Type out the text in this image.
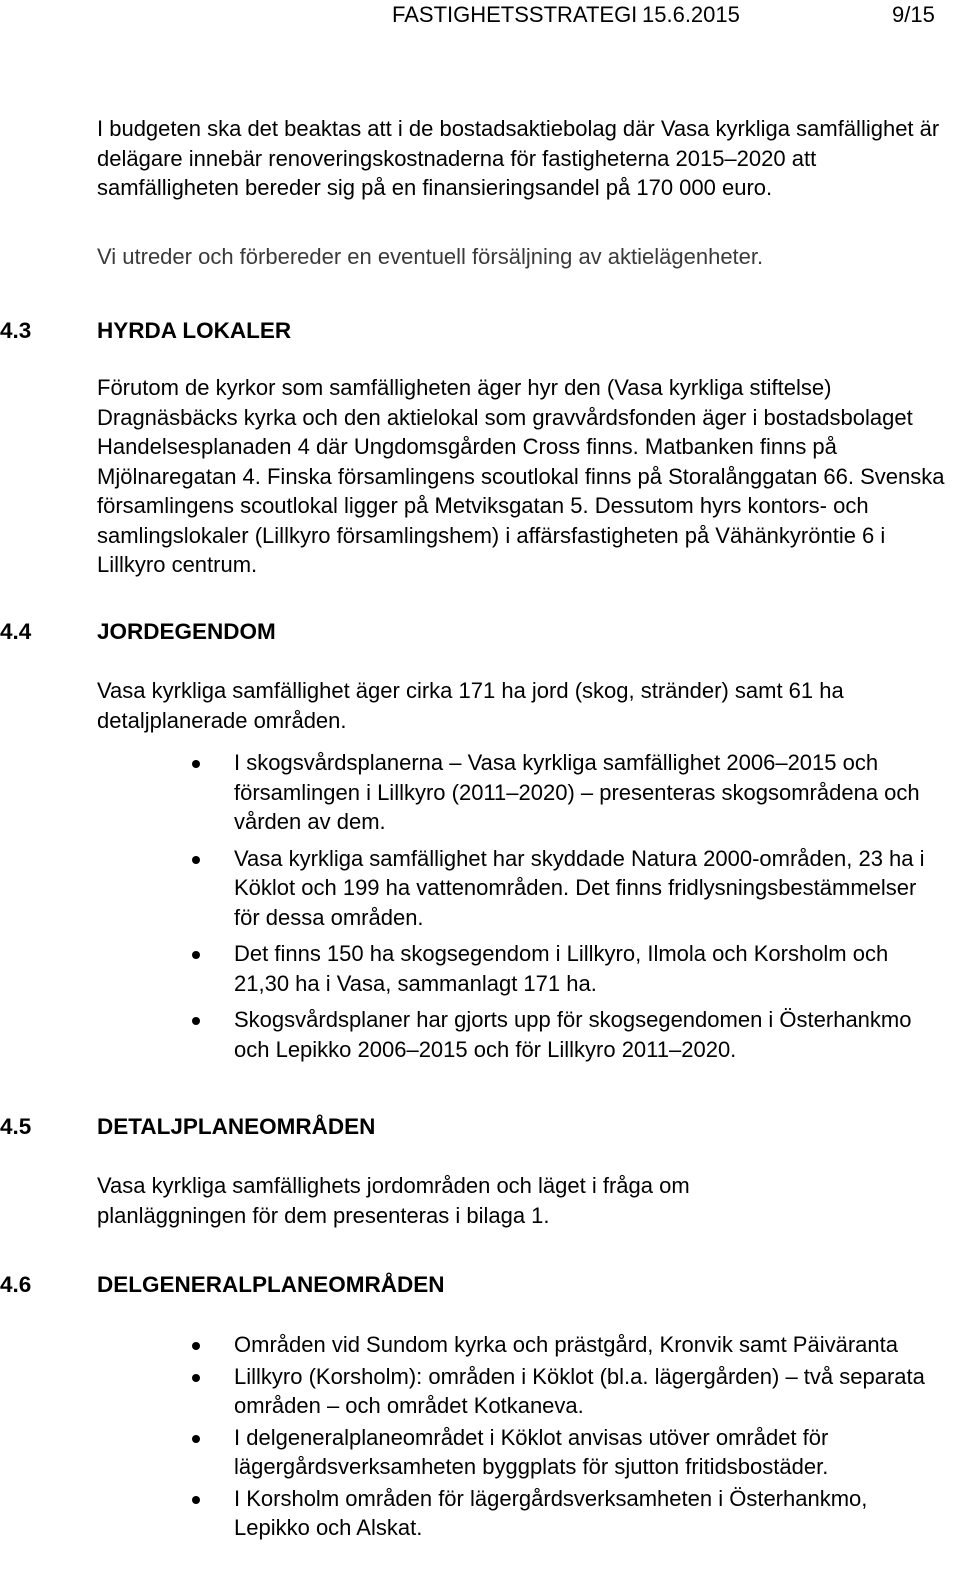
FASTIGHETSSTRATEGI 15.6.2015	9/15

I budgeten ska det beaktas att i de bostadsaktiebolag där Vasa kyrkliga samfällighet är delägare innebär renoveringskostnaderna för fastigheterna 2015–2020 att samfälligheten bereder sig på en finansieringsandel på 170 000 euro.

Vi utreder och förbereder en eventuell försäljning av aktielägenheter.

4.3	HYRDA LOKALER

Förutom de kyrkor som samfälligheten äger hyr den (Vasa kyrkliga stiftelse) Dragnäsbäcks kyrka och den aktielokal som gravvårdsfonden äger i bostadsbolaget Handelsesplanaden 4 där Ungdomsgården Cross finns. Matbanken finns på Mjölnaregatan 4. Finska församlingens scoutlokal finns på Storalånggatan 66. Svenska församlingens scoutlokal ligger på Metviksgatan 5. Dessutom hyrs kontors- och samlingslokaler (Lillkyro församlingshem) i affärsfastigheten på Vähänkyröntie 6 i Lillkyro centrum.

4.4	JORDEGENDOM

Vasa kyrkliga samfällighet äger cirka 171 ha jord (skog, stränder) samt 61 ha detaljplanerade områden.

I skogsvårdsplanerna – Vasa kyrkliga samfällighet 2006–2015 och församlingen i Lillkyro (2011–2020) – presenteras skogsområdena och vården av dem.
Vasa kyrkliga samfällighet har skyddade Natura 2000-områden, 23 ha i Köklot och 199 ha vattenområden. Det finns fridlysningsbestämmelser för dessa områden.
Det finns 150 ha skogsegendom i Lillkyro, Ilmola och Korsholm och 21,30 ha i Vasa, sammanlagt 171 ha.
Skogsvårdsplaner har gjorts upp för skogsegendomen i Österhankmo och Lepikko 2006–2015 och för Lillkyro 2011–2020.
4.5	DETALJPLANEOMRÅDEN

Vasa kyrkliga samfällighets jordområden och läget i fråga om planläggningen för dem presenteras i bilaga 1.

4.6	DELGENERALPLANEOMRÅDEN
Områden vid Sundom kyrka och prästgård, Kronvik samt Päiväranta
Lillkyro (Korsholm): områden i Köklot (bl.a. lägergården) – två separata områden – och området Kotkaneva.
I delgeneralplaneområdet i Köklot anvisas utöver området för lägergårdsverksamheten byggplats för sjutton fritidsbostäder.
I Korsholm områden för lägergårdsverksamheten i Österhankmo, Lepikko och Alskat.
